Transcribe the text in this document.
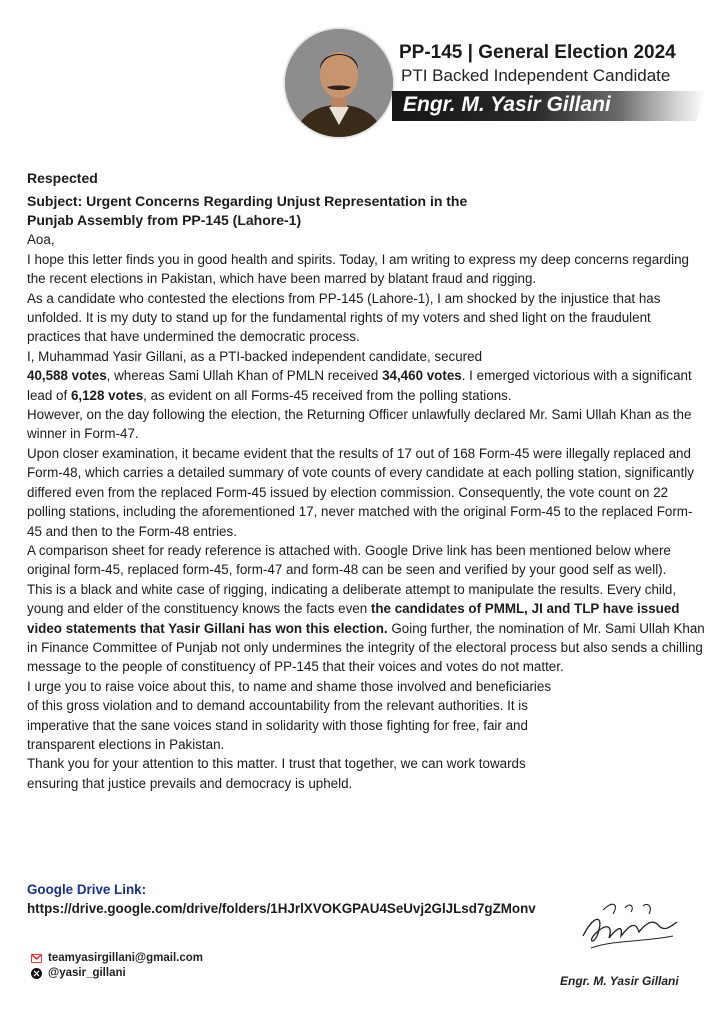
PP-145 | General Election 2024
PTI Backed Independent Candidate
Engr. M. Yasir Gillani

Respected

Subject: Urgent Concerns Regarding Unjust Representation in the
Punjab Assembly from PP-145 (Lahore-1)

Aoa,

I hope this letter finds you in good health and spirits. Today, I am writing to express my deep concerns regarding the recent elections in Pakistan, which have been marred by blatant fraud and rigging.

As a candidate who contested the elections from PP-145 (Lahore-1), I am shocked by the injustice that has unfolded. It is my duty to stand up for the fundamental rights of my voters and shed light on the fraudulent practices that have undermined the democratic process.

I, Muhammad Yasir Gillani, as a PTI-backed independent candidate, secured
40,588 votes, whereas Sami Ullah Khan of PMLN received 34,460 votes. I emerged victorious with a significant lead of 6,128 votes, as evident on all Forms-45 received from the polling stations.

However, on the day following the election, the Returning Officer unlawfully declared Mr. Sami Ullah Khan as the winner in Form-47.

Upon closer examination, it became evident that the results of 17 out of 168 Form-45 were illegally replaced and Form-48, which carries a detailed summary of vote counts of every candidate at each polling station, significantly differed even from the replaced Form-45 issued by election commission. Consequently, the vote count on 22 polling stations, including the aforementioned 17, never matched with the original Form-45 to the replaced Form-45 and then to the Form-48 entries.

A comparison sheet for ready reference is attached with. Google Drive link has been mentioned below where original form-45, replaced form-45, form-47 and form-48 can be seen and verified by your good self as well).

This is a black and white case of rigging, indicating a deliberate attempt to manipulate the results. Every child, young and elder of the constituency knows the facts even the candidates of PMML, JI and TLP have issued video statements that Yasir Gillani has won this election. Going further, the nomination of Mr. Sami Ullah Khan in Finance Committee of Punjab not only undermines the integrity of the electoral process but also sends a chilling message to the people of constituency of PP-145 that their voices and votes do not matter.

I urge you to raise voice about this, to name and shame those involved and beneficiaries
of this gross violation and to demand accountability from the relevant authorities. It is
imperative that the sane voices stand in solidarity with those fighting for free, fair and
transparent elections in Pakistan.

Thank you for your attention to this matter. I trust that together, we can work towards
ensuring that justice prevails and democracy is upheld.

Google Drive Link:
https://drive.google.com/drive/folders/1HJrlXVOKGPAU4SeUvj2GlJLsd7gZMonv
teamyasirgillani@gmail.com
@yasir_gillani
Engr. M. Yasir Gillani
